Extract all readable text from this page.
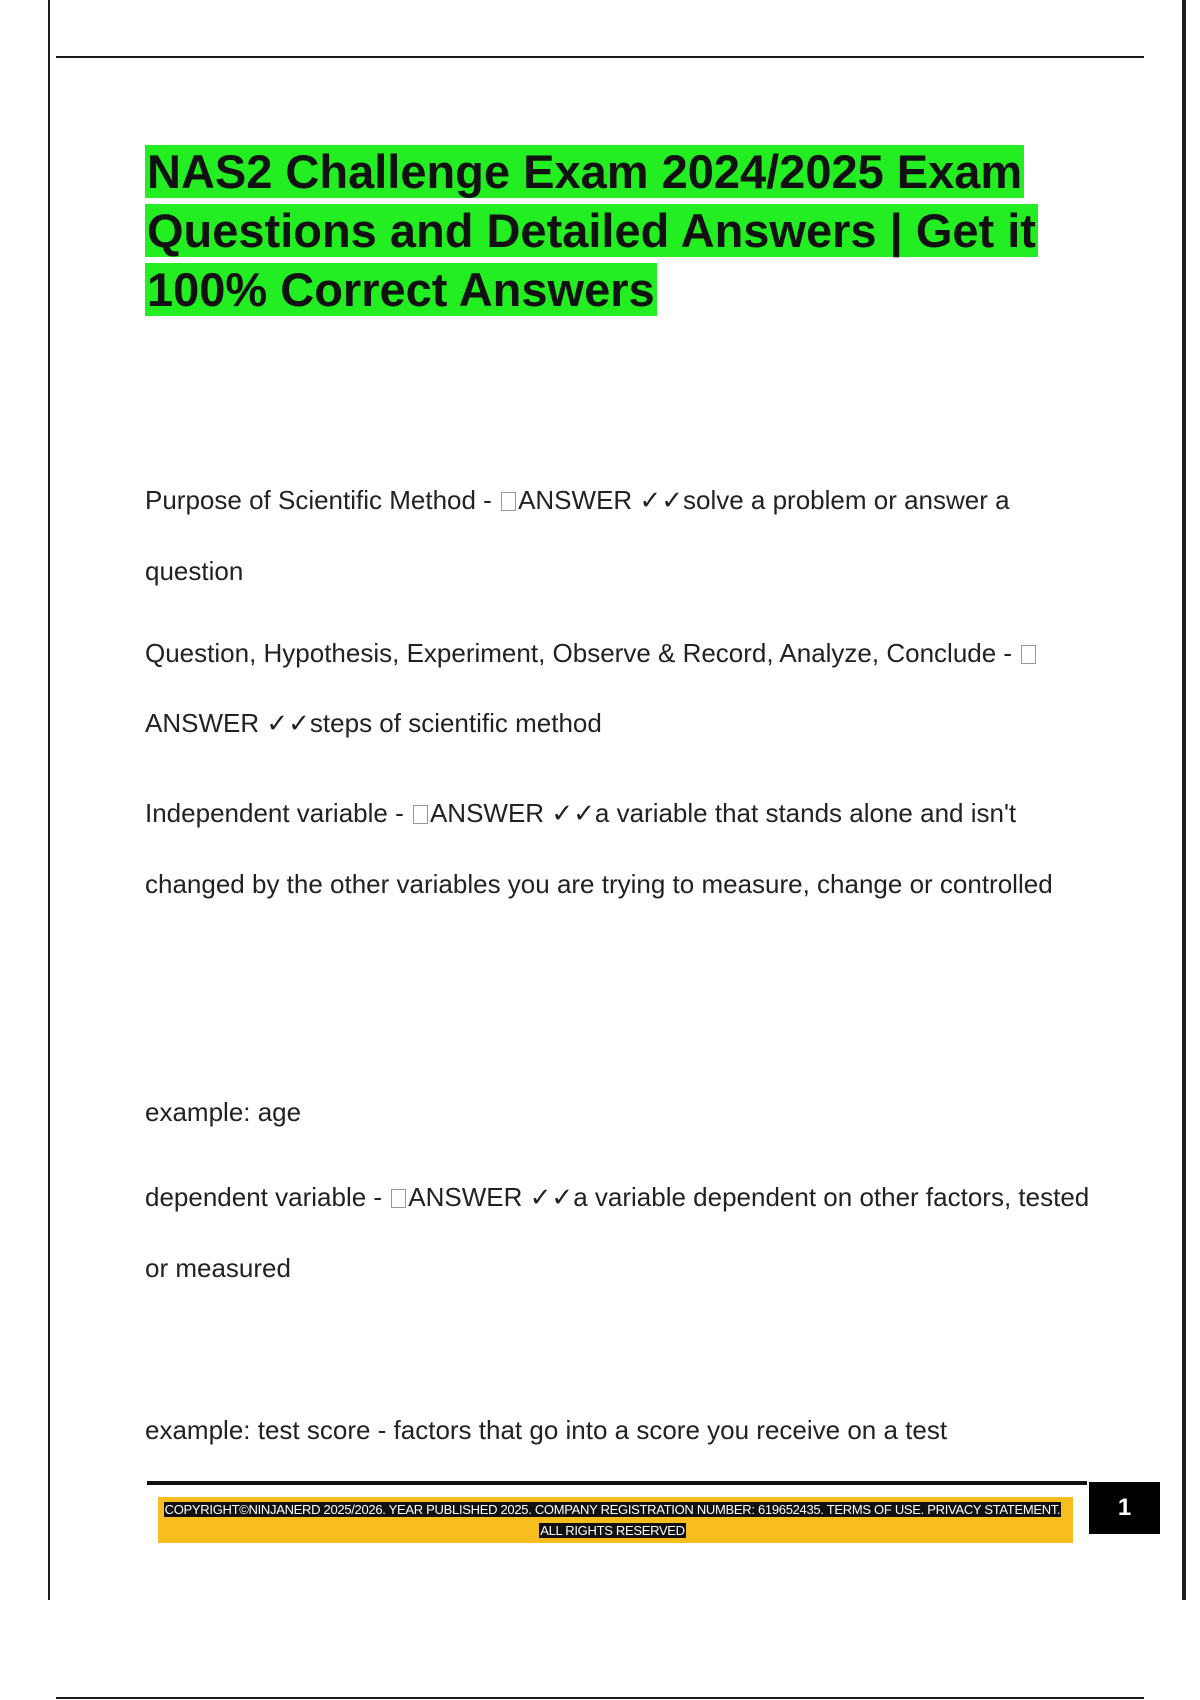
NAS2 Challenge Exam 2024/2025 Exam Questions and Detailed Answers | Get it 100% Correct Answers

Purpose of Scientific Method - ANSWER ✓✓solve a problem or answer a question

Question, Hypothesis, Experiment, Observe & Record, Analyze, Conclude - ANSWER ✓✓steps of scientific method

Independent variable - ANSWER ✓✓a variable that stands alone and isn't changed by the other variables you are trying to measure, change or controlled

example: age

dependent variable - ANSWER ✓✓a variable dependent on other factors, tested or measured

example: test score - factors that go into a score you receive on a test

COPYRIGHT©NINJANERD 2025/2026. YEAR PUBLISHED 2025. COMPANY REGISTRATION NUMBER: 619652435. TERMS OF USE. PRIVACY STATEMENT. ALL RIGHTS RESERVED

1
